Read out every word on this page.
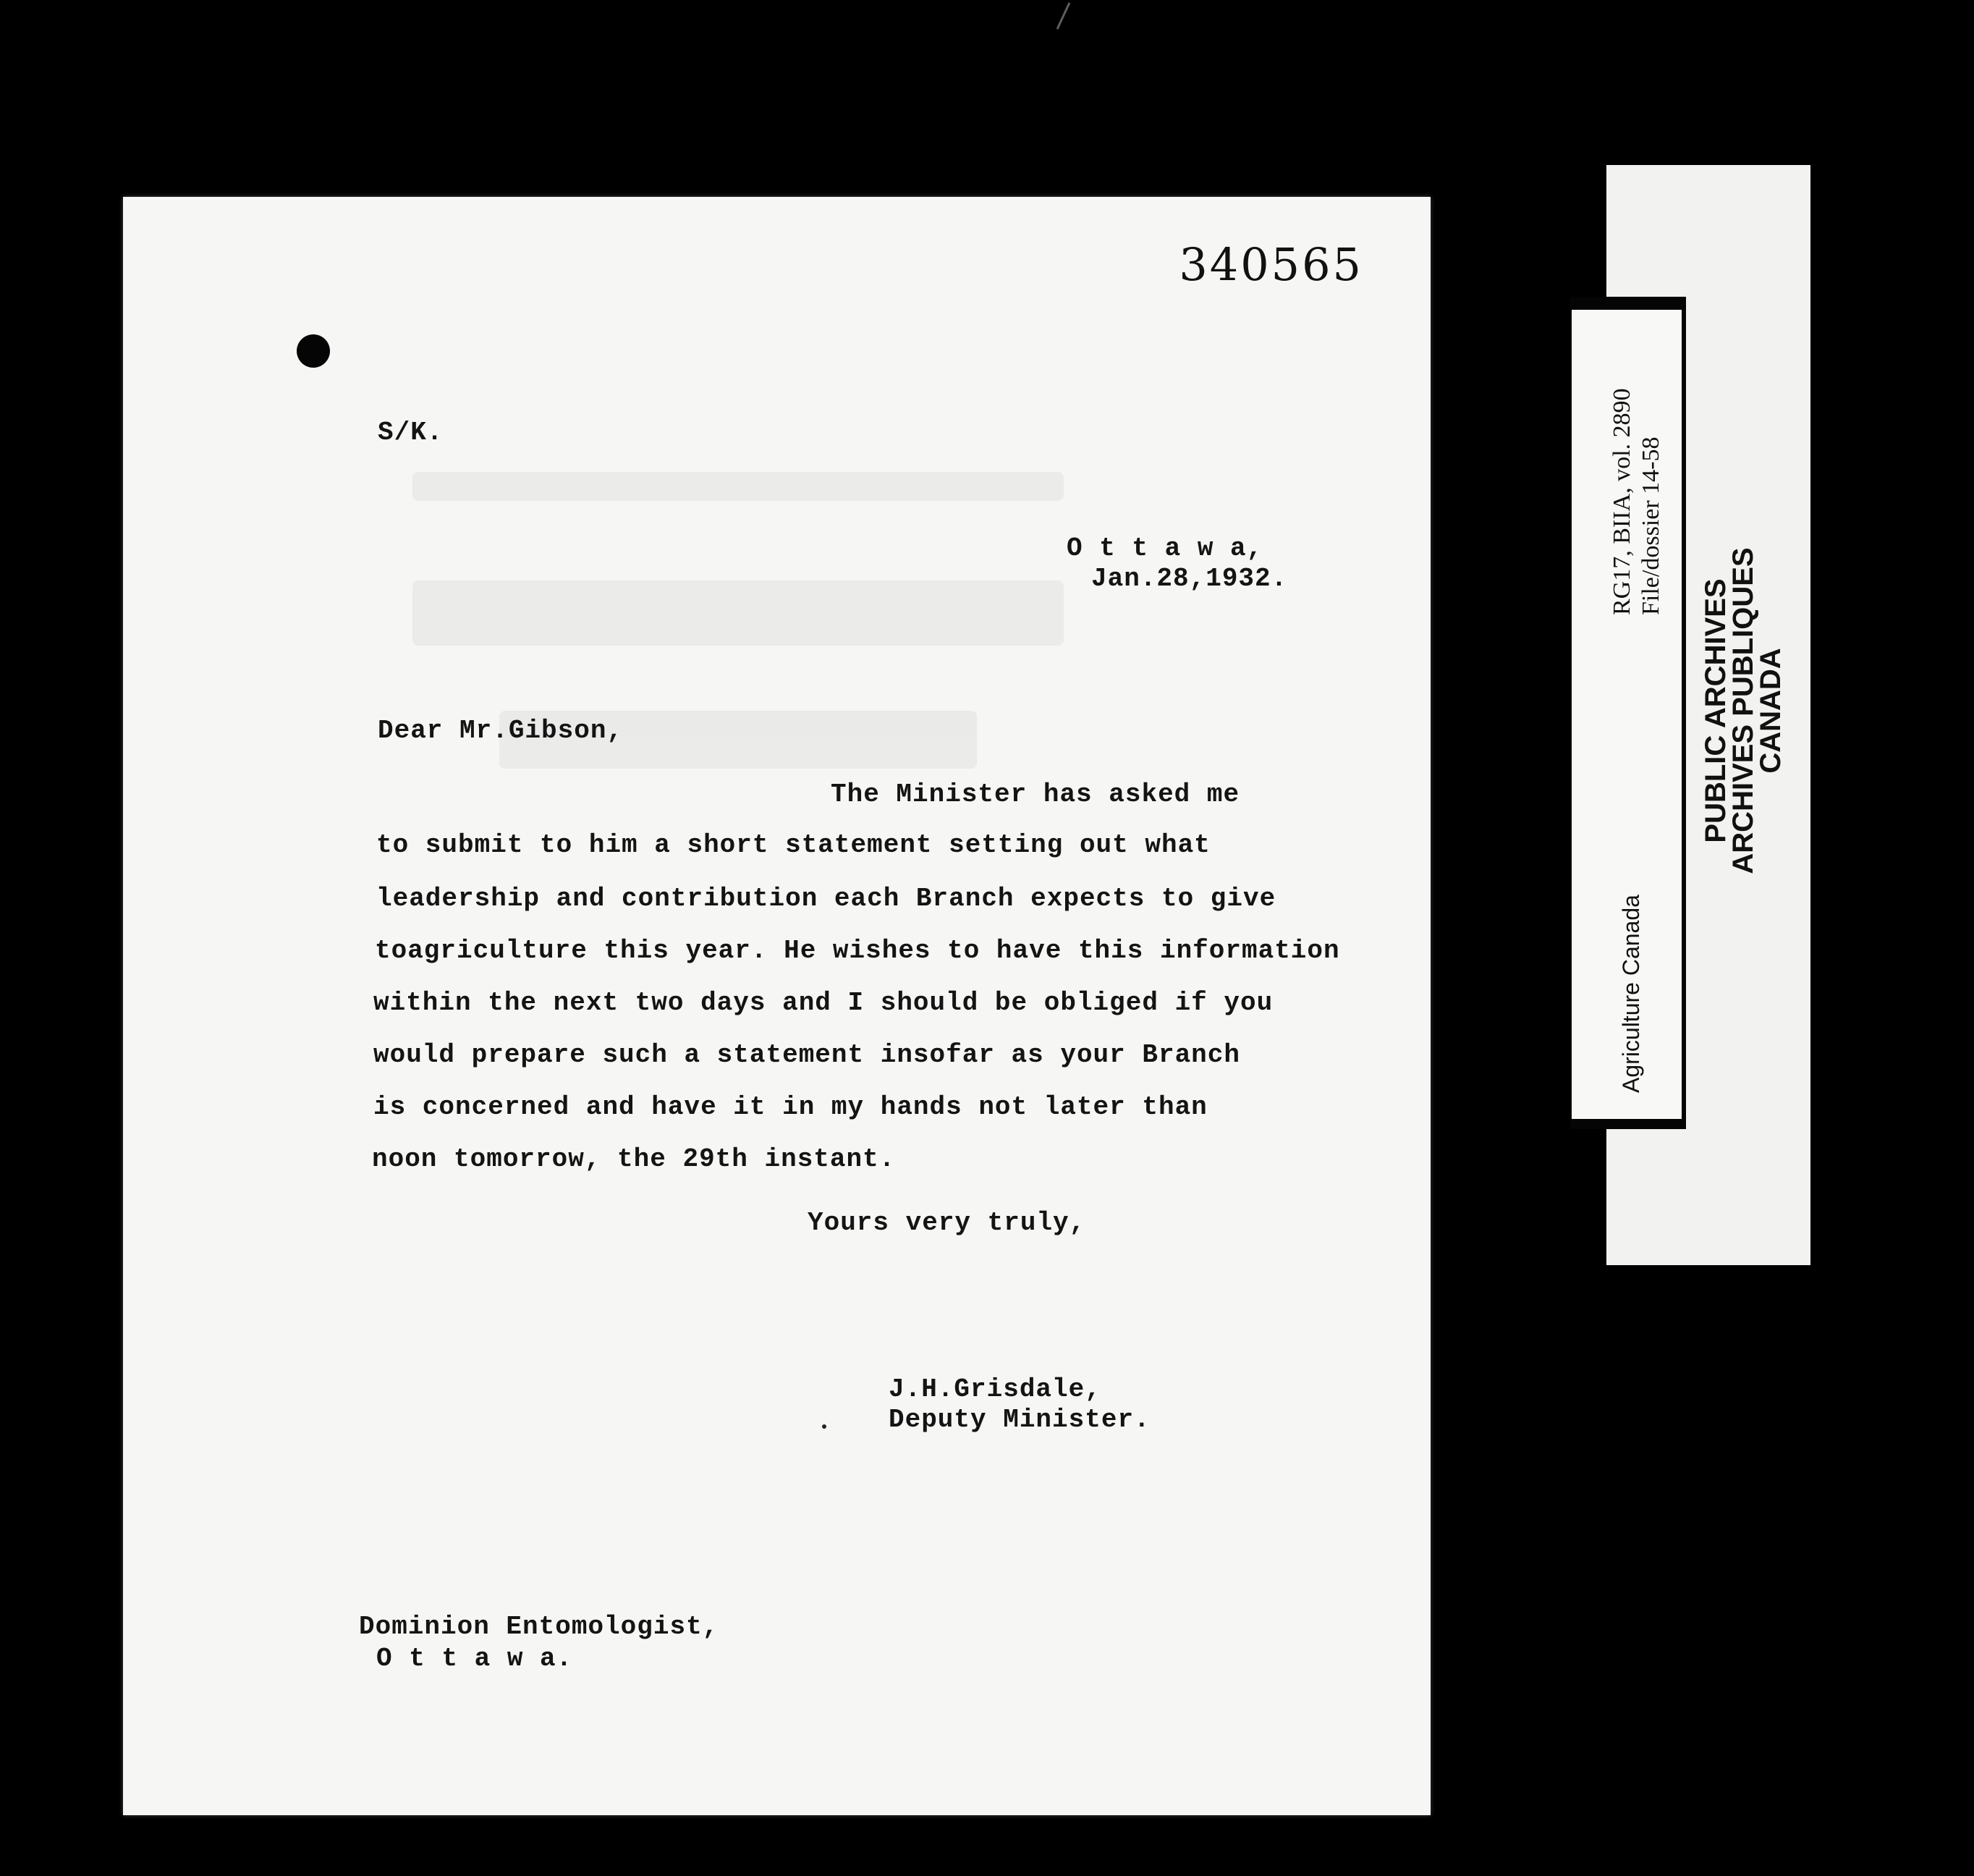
340565
S/K.
O t t a w a,
Jan.28,1932.
Dear Mr.Gibson,
The Minister has asked me
to submit to him a short statement setting out what
leadership and contribution each Branch expects to give
toagriculture this year. He wishes to have this information
within the next two days and I should be obliged if you
would prepare such a statement insofar as your Branch
is concerned and have it in my hands not later than
noon tomorrow, the 29th instant.
Yours very truly,
J.H.Grisdale,
Deputy Minister.
Dominion Entomologist,
O t t a w a.
RG17, BIIA, vol. 2890 File/dossier 14-58
Agriculture Canada
PUBLIC ARCHIVES
ARCHIVES PUBLIQUES
CANADA
